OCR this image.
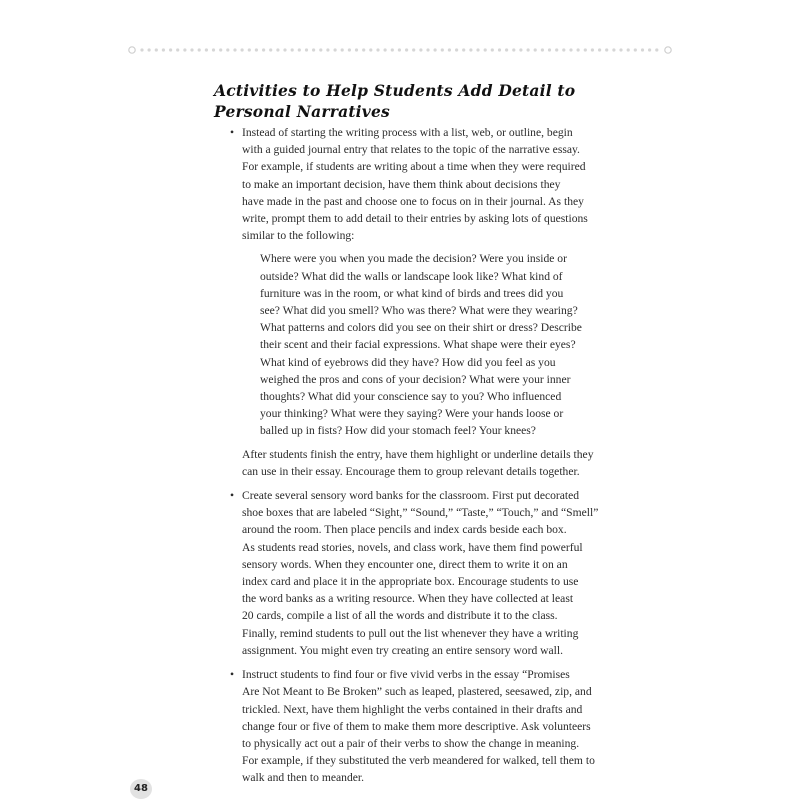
Activities to Help Students Add Detail to
Personal Narratives
• Instead of starting the writing process with a list, web, or outline, begin
with a guided journal entry that relates to the topic of the narrative essay.
For example, if students are writing about a time when they were required
to make an important decision, have them think about decisions they
have made in the past and choose one to focus on in their journal. As they
write, prompt them to add detail to their entries by asking lots of questions
similar to the following:
Where were you when you made the decision? Were you inside or
outside? What did the walls or landscape look like? What kind of
furniture was in the room, or what kind of birds and trees did you
see? What did you smell? Who was there? What were they wearing?
What patterns and colors did you see on their shirt or dress? Describe
their scent and their facial expressions. What shape were their eyes?
What kind of eyebrows did they have? How did you feel as you
weighed the pros and cons of your decision? What were your inner
thoughts? What did your conscience say to you? Who influenced
your thinking? What were they saying? Were your hands loose or
balled up in fists? How did your stomach feel? Your knees?
After students finish the entry, have them highlight or underline details they
can use in their essay. Encourage them to group relevant details together.
• Create several sensory word banks for the classroom. First put decorated
shoe boxes that are labeled “Sight,” “Sound,” “Taste,” “Touch,” and “Smell”
around the room. Then place pencils and index cards beside each box.
As students read stories, novels, and class work, have them find powerful
sensory words. When they encounter one, direct them to write it on an
index card and place it in the appropriate box. Encourage students to use
the word banks as a writing resource. When they have collected at least
20 cards, compile a list of all the words and distribute it to the class.
Finally, remind students to pull out the list whenever they have a writing
assignment. You might even try creating an entire sensory word wall.
• Instruct students to find four or five vivid verbs in the essay “Promises
Are Not Meant to Be Broken” such as leaped, plastered, seesawed, zip, and
trickled. Next, have them highlight the verbs contained in their drafts and
change four or five of them to make them more descriptive. Ask volunteers
to physically act out a pair of their verbs to show the change in meaning.
For example, if they substituted the verb meandered for walked, tell them to
walk and then to meander.
48
